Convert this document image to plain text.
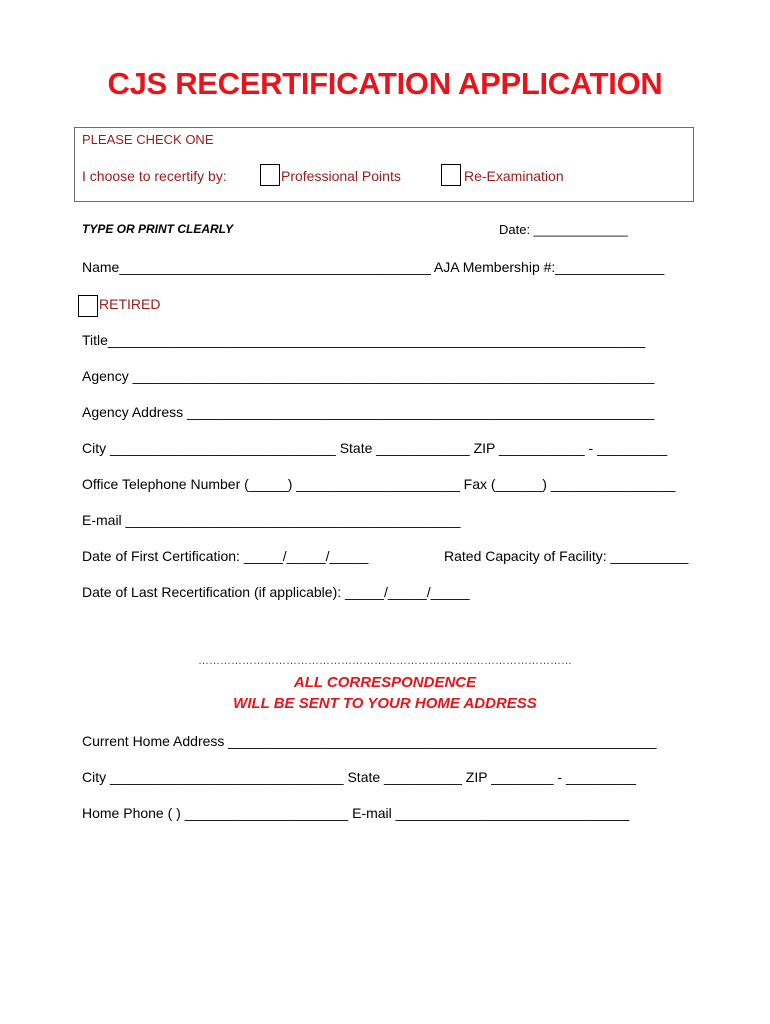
CJS RECERTIFICATION APPLICATION
PLEASE CHECK ONE
I choose to recertify by:	Professional Points	Re-Examination
TYPE OR PRINT CLEARLY	Date: _____________
Name________________________________________ AJA Membership #:______________
RETIRED
Title_____________________________________________________________________
Agency ___________________________________________________________________
Agency Address ____________________________________________________________
City _____________________________ State ____________ ZIP ___________ - _________
Office Telephone Number (_____) _____________________ Fax (______) ________________
E-mail ___________________________________________
Date of First Certification: _____/_____/_____	Rated Capacity of Facility: __________
Date of Last Recertification (if applicable): _____/_____/_____
…………………………………………………………………………………………
ALL CORRESPONDENCE
WILL BE SENT TO YOUR HOME ADDRESS
Current Home Address _______________________________________________________
City ______________________________ State __________ ZIP ________ - _________
Home Phone ( ) _____________________ E-mail ______________________________
